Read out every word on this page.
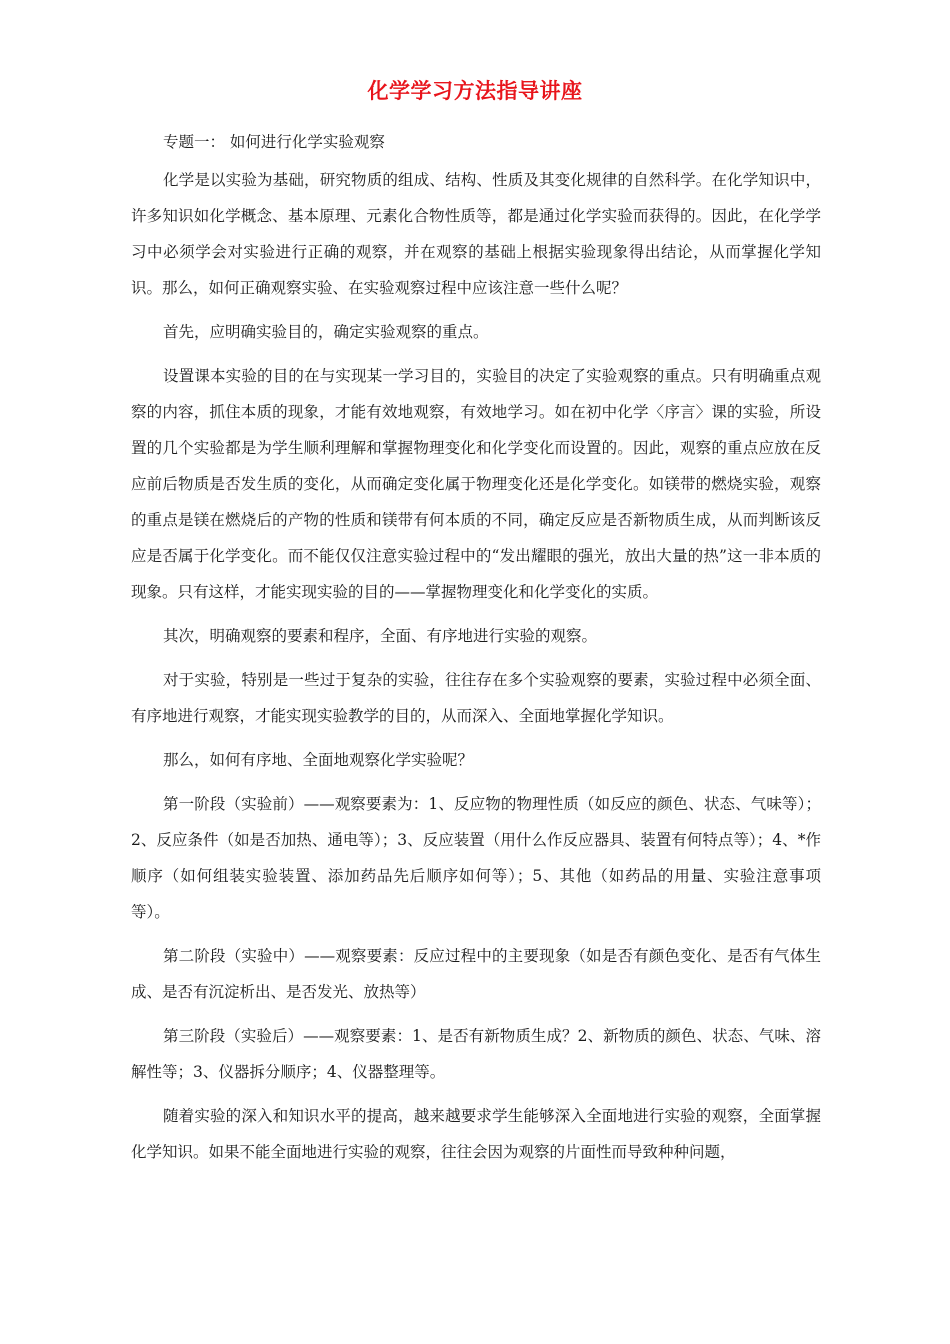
化学学习方法指导讲座

专题一： 如何进行化学实验观察

化学是以实验为基础，研究物质的组成、结构、性质及其变化规律的自然科学。在化学知识中，许多知识如化学概念、基本原理、元素化合物性质等，都是通过化学实验而获得的。因此，在化学学习中必须学会对实验进行正确的观察，并在观察的基础上根据实验现象得出结论，从而掌握化学知识。那么，如何正确观察实验、在实验观察过程中应该注意一些什么呢？

首先，应明确实验目的，确定实验观察的重点。

设置课本实验的目的在与实现某一学习目的，实验目的决定了实验观察的重点。只有明确重点观察的内容，抓住本质的现象，才能有效地观察，有效地学习。如在初中化学〈序言〉课的实验，所设置的几个实验都是为学生顺利理解和掌握物理变化和化学变化而设置的。因此，观察的重点应放在反应前后物质是否发生质的变化，从而确定变化属于物理变化还是化学变化。如镁带的燃烧实验，观察的重点是镁在燃烧后的产物的性质和镁带有何本质的不同，确定反应是否新物质生成，从而判断该反应是否属于化学变化。而不能仅仅注意实验过程中的“发出耀眼的强光，放出大量的热”这一非本质的现象。只有这样，才能实现实验的目的——掌握物理变化和化学变化的实质。

其次，明确观察的要素和程序，全面、有序地进行实验的观察。

对于实验，特别是一些过于复杂的实验，往往存在多个实验观察的要素，实验过程中必须全面、有序地进行观察，才能实现实验教学的目的，从而深入、全面地掌握化学知识。

那么，如何有序地、全面地观察化学实验呢？

第一阶段（实验前）——观察要素为：1、反应物的物理性质（如反应的颜色、状态、气味等）；2、反应条件（如是否加热、通电等）；3、反应装置（用什么作反应器具、装置有何特点等）；4、*作顺序（如何组装实验装置、添加药品先后顺序如何等）；5、其他（如药品的用量、实验注意事项等）。

第二阶段（实验中）——观察要素：反应过程中的主要现象（如是否有颜色变化、是否有气体生成、是否有沉淀析出、是否发光、放热等）

第三阶段（实验后）——观察要素：1、是否有新物质生成？2、新物质的颜色、状态、气味、溶解性等；3、仪器拆分顺序；4、仪器整理等。

随着实验的深入和知识水平的提高，越来越要求学生能够深入全面地进行实验的观察，全面掌握化学知识。如果不能全面地进行实验的观察，往往会因为观察的片面性而导致种种问题，
